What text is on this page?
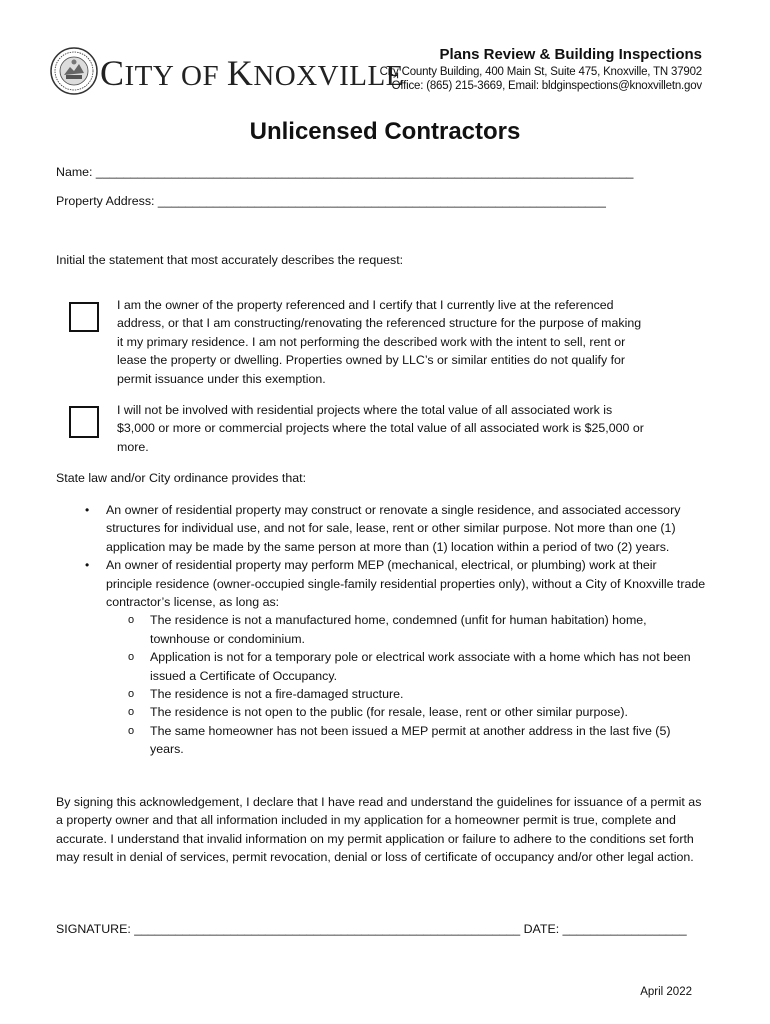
CITY OF KNOXVILLE
Plans Review & Building Inspections
City County Building, 400 Main St, Suite 475, Knoxville, TN 37902
Office: (865) 215-3669, Email: bldginspections@knoxvilletn.gov
Unlicensed Contractors
Name: ______________________________________________________________________________
Property Address: _________________________________________________________________
Initial the statement that most accurately describes the request:
I am the owner of the property referenced and I certify that I currently live at the referenced address, or that I am constructing/renovating the referenced structure for the purpose of making it my primary residence. I am not performing the described work with the intent to sell, rent or lease the property or dwelling. Properties owned by LLC’s or similar entities do not qualify for permit issuance under this exemption.
I will not be involved with residential projects where the total value of all associated work is $3,000 or more or commercial projects where the total value of all associated work is $25,000 or more.
State law and/or City ordinance provides that:
• An owner of residential property may construct or renovate a single residence, and associated accessory structures for individual use, and not for sale, lease, rent or other similar purpose. Not more than one (1) application may be made by the same person at more than (1) location within a period of two (2) years.
• An owner of residential property may perform MEP (mechanical, electrical, or plumbing) work at their principle residence (owner-occupied single-family residential properties only), without a City of Knoxville trade contractor’s license, as long as:
o The residence is not a manufactured home, condemned (unfit for human habitation) home, townhouse or condominium.
o Application is not for a temporary pole or electrical work associate with a home which has not been issued a Certificate of Occupancy.
o The residence is not a fire-damaged structure.
o The residence is not open to the public (for resale, lease, rent or other similar purpose).
o The same homeowner has not been issued a MEP permit at another address in the last five (5) years.
By signing this acknowledgement, I declare that I have read and understand the guidelines for issuance of a permit as a property owner and that all information included in my application for a homeowner permit is true, complete and accurate. I understand that invalid information on my permit application or failure to adhere to the conditions set forth may result in denial of services, permit revocation, denial or loss of certificate of occupancy and/or other legal action.
SIGNATURE: ________________________________________________________ DATE: __________________
April 2022
